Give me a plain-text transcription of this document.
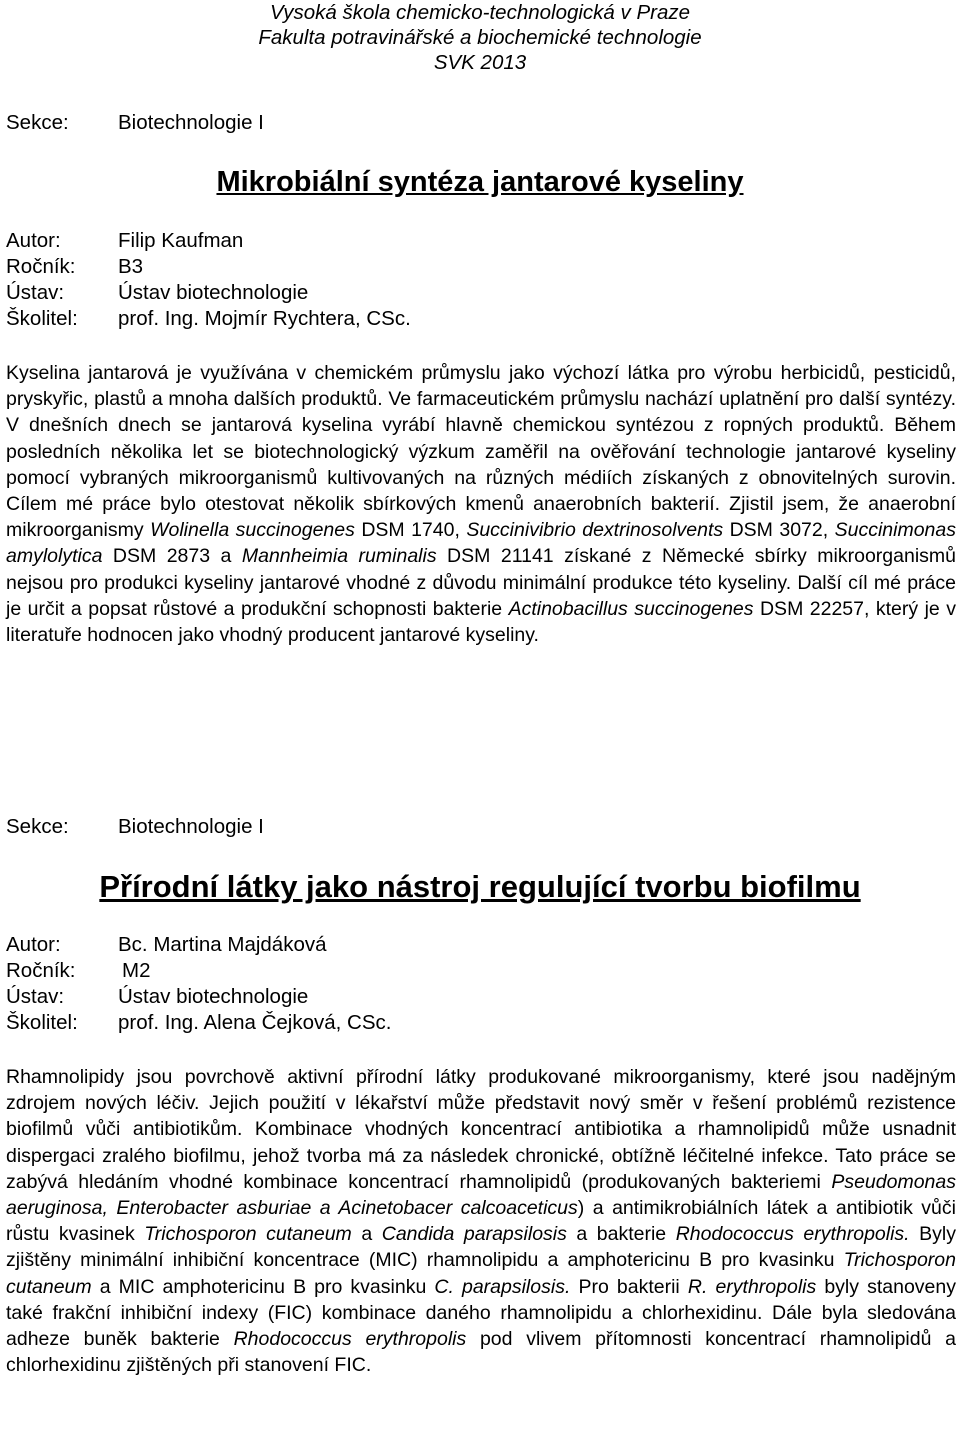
Vysoká škola chemicko-technologická v Praze
Fakulta potravinářské a biochemické technologie
SVK 2013
Sekce: Biotechnologie I
Mikrobiální syntéza jantarové kyseliny
Autor:	Filip Kaufman
Ročník: B3
Ústav:	Ústav biotechnologie
Školitel: prof. Ing. Mojmír Rychtera, CSc.

Kyselina jantarová je využívána v chemickém průmyslu jako výchozí látka pro výrobu herbicidů, pesticidů, pryskyřic, plastů a mnoha dalších produktů. Ve farmaceutickém průmyslu nachází uplatnění pro další syntézy. V dnešních dnech se jantarová kyselina vyrábí hlavně chemickou syntézou z ropných produktů. Během posledních několika let se biotechnologický výzkum zaměřil na ověřování technologie jantarové kyseliny pomocí vybraných mikroorganismů kultivovaných na různých médiích získaných z obnovitelných surovin. Cílem mé práce bylo otestovat několik sbírkových kmenů anaerobních bakterií. Zjistil jsem, že anaerobní mikroorganismy Wolinella succinogenes DSM 1740, Succinivibrio dextrinosolvents DSM 3072, Succinimonas amylolytica DSM 2873 a Mannheimia ruminalis DSM 21141 získané z Německé sbírky mikroorganismů nejsou pro produkci kyseliny jantarové vhodné z důvodu minimální produkce této kyseliny. Další cíl mé práce je určit a popsat růstové a produkční schopnosti bakterie Actinobacillus succinogenes DSM 22257, který je v literatuře hodnocen jako vhodný producent jantarové kyseliny.

Sekce: Biotechnologie I
Přírodní látky jako nástroj regulující tvorbu biofilmu
Autor:	Bc. Martina Majdáková
Ročník: M2
Ústav:	Ústav biotechnologie
Školitel: prof. Ing. Alena Čejková, CSc.

Rhamnolipidy jsou povrchově aktivní přírodní látky produkované mikroorganismy, které jsou nadějným zdrojem nových léčiv. Jejich použití v lékařství může představit nový směr v řešení problémů rezistence biofilmů vůči antibiotikům. Kombinace vhodných koncentrací antibiotika a rhamnolipidů může usnadnit dispergaci zralého biofilmu, jehož tvorba má za následek chronické, obtížně léčitelné infekce. Tato práce se zabývá hledáním vhodné kombinace koncentrací rhamnolipidů (produkovaných bakteriemi Pseudomonas aeruginosa, Enterobacter asburiae a Acinetobacer calcoaceticus) a antimikrobiálních látek a antibiotik vůči růstu kvasinek Trichosporon cutaneum a Candida parapsilosis a bakterie Rhodococcus erythropolis. Byly zjištěny minimální inhibiční koncentrace (MIC) rhamnolipidu a amphotericinu B pro kvasinku Trichosporon cutaneum a MIC amphotericinu B pro kvasinku C. parapsilosis. Pro bakterii R. erythropolis byly stanoveny také frakční inhibiční indexy (FIC) kombinace daného rhamnolipidu a chlorhexidinu. Dále byla sledována adheze buněk bakterie Rhodococcus erythropolis pod vlivem přítomnosti koncentrací rhamnolipidů a chlorhexidinu zjištěných při stanovení FIC.
